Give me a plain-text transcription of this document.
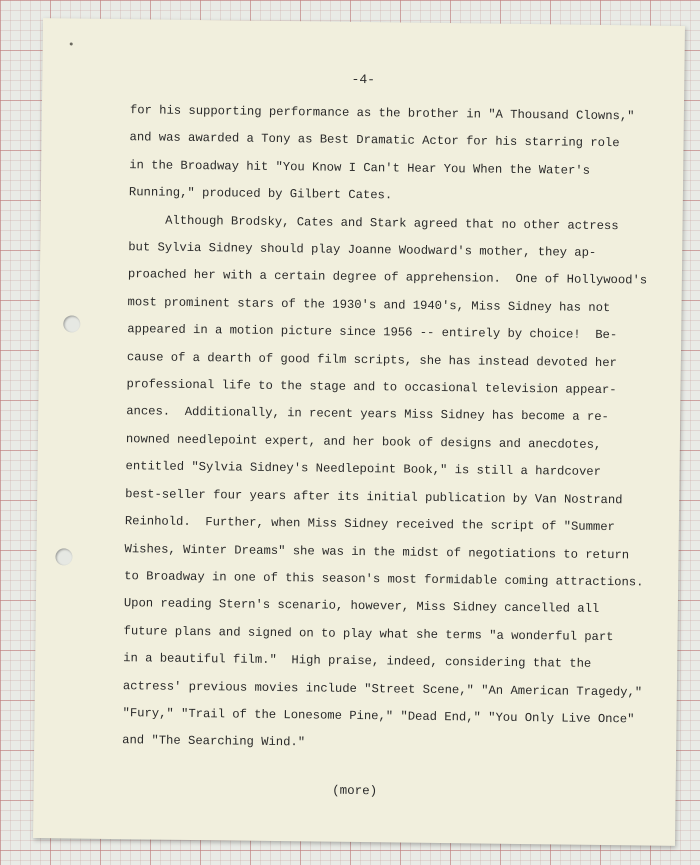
-4-
for his supporting performance as the brother in "A Thousand Clowns,"
and was awarded a Tony as Best Dramatic Actor for his starring role
in the Broadway hit "You Know I Can't Hear You When the Water's
Running," produced by Gilbert Cates.
Although Brodsky, Cates and Stark agreed that no other actress
but Sylvia Sidney should play Joanne Woodward's mother, they ap-
proached her with a certain degree of apprehension.  One of Hollywood's
most prominent stars of the 1930's and 1940's, Miss Sidney has not
appeared in a motion picture since 1956 -- entirely by choice!  Be-
cause of a dearth of good film scripts, she has instead devoted her
professional life to the stage and to occasional television appear-
ances.  Additionally, in recent years Miss Sidney has become a re-
nowned needlepoint expert, and her book of designs and anecdotes,
entitled "Sylvia Sidney's Needlepoint Book," is still a hardcover
best-seller four years after its initial publication by Van Nostrand
Reinhold.  Further, when Miss Sidney received the script of "Summer
Wishes, Winter Dreams" she was in the midst of negotiations to return
to Broadway in one of this season's most formidable coming attractions.
Upon reading Stern's scenario, however, Miss Sidney cancelled all
future plans and signed on to play what she terms "a wonderful part
in a beautiful film."  High praise, indeed, considering that the
actress' previous movies include "Street Scene," "An American Tragedy,"
"Fury," "Trail of the Lonesome Pine," "Dead End," "You Only Live Once"
and "The Searching Wind."
(more)
